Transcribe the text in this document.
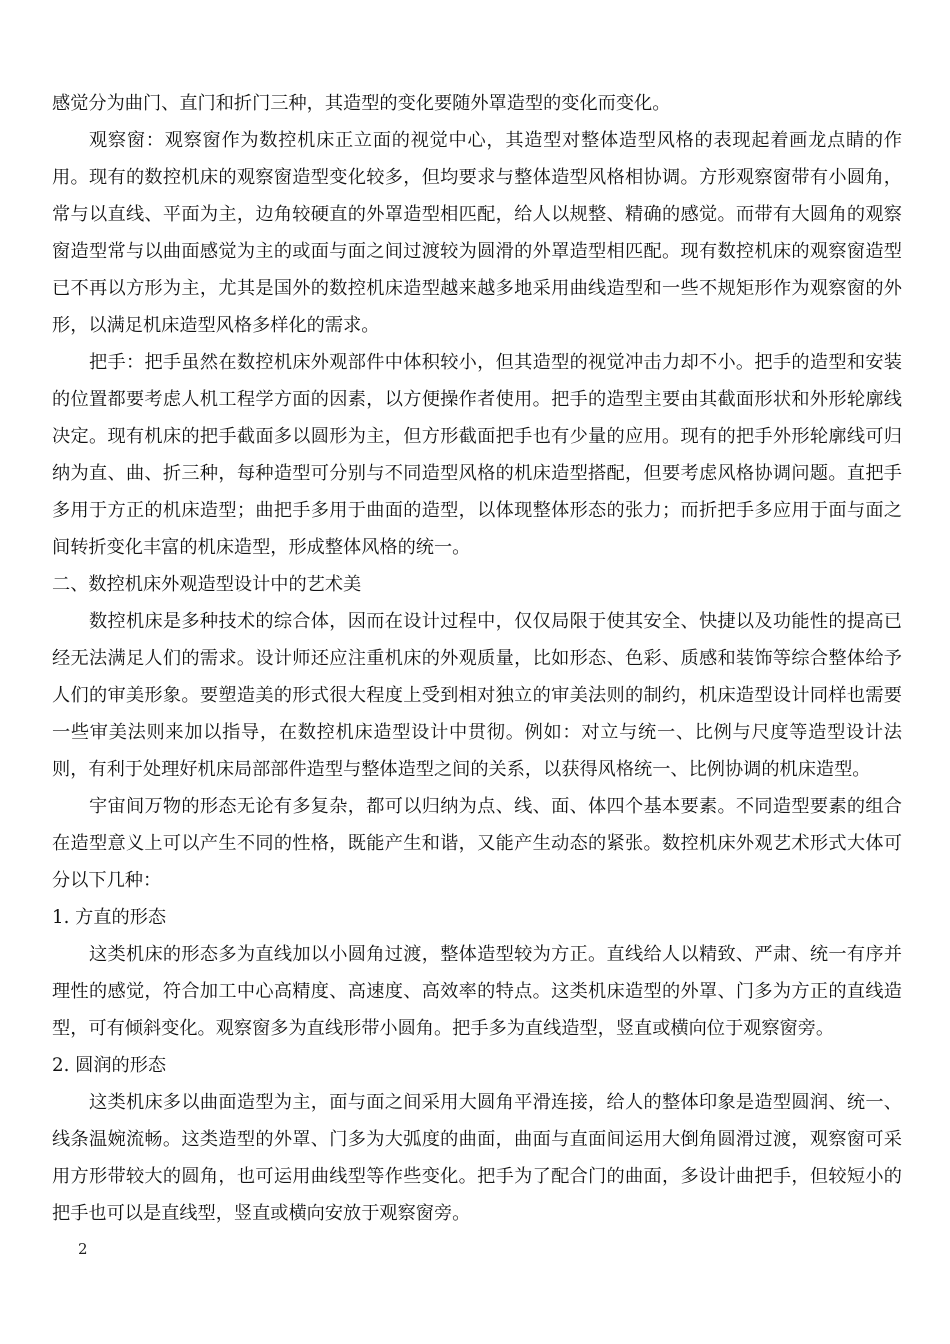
感觉分为曲门、直门和折门三种，其造型的变化要随外罩造型的变化而变化。

观察窗：观察窗作为数控机床正立面的视觉中心，其造型对整体造型风格的表现起着画龙点睛的作用。现有的数控机床的观察窗造型变化较多，但均要求与整体造型风格相协调。方形观察窗带有小圆角，常与以直线、平面为主，边角较硬直的外罩造型相匹配，给人以规整、精确的感觉。而带有大圆角的观察窗造型常与以曲面感觉为主的或面与面之间过渡较为圆滑的外罩造型相匹配。现有数控机床的观察窗造型已不再以方形为主，尤其是国外的数控机床造型越来越多地采用曲线造型和一些不规矩形作为观察窗的外形，以满足机床造型风格多样化的需求。

把手：把手虽然在数控机床外观部件中体积较小，但其造型的视觉冲击力却不小。把手的造型和安装的位置都要考虑人机工程学方面的因素，以方便操作者使用。把手的造型主要由其截面形状和外形轮廓线决定。现有机床的把手截面多以圆形为主，但方形截面把手也有少量的应用。现有的把手外形轮廓线可归纳为直、曲、折三种，每种造型可分别与不同造型风格的机床造型搭配，但要考虑风格协调问题。直把手多用于方正的机床造型；曲把手多用于曲面的造型，以体现整体形态的张力；而折把手多应用于面与面之间转折变化丰富的机床造型，形成整体风格的统一。

二、数控机床外观造型设计中的艺术美

数控机床是多种技术的综合体，因而在设计过程中，仅仅局限于使其安全、快捷以及功能性的提高已经无法满足人们的需求。设计师还应注重机床的外观质量，比如形态、色彩、质感和装饰等综合整体给予人们的审美形象。要塑造美的形式很大程度上受到相对独立的审美法则的制约，机床造型设计同样也需要一些审美法则来加以指导，在数控机床造型设计中贯彻。例如：对立与统一、比例与尺度等造型设计法则，有利于处理好机床局部部件造型与整体造型之间的关系，以获得风格统一、比例协调的机床造型。

宇宙间万物的形态无论有多复杂，都可以归纳为点、线、面、体四个基本要素。不同造型要素的组合在造型意义上可以产生不同的性格，既能产生和谐，又能产生动态的紧张。数控机床外观艺术形式大体可分以下几种：

1. 方直的形态

这类机床的形态多为直线加以小圆角过渡，整体造型较为方正。直线给人以精致、严肃、统一有序并理性的感觉，符合加工中心高精度、高速度、高效率的特点。这类机床造型的外罩、门多为方正的直线造型，可有倾斜变化。观察窗多为直线形带小圆角。把手多为直线造型，竖直或横向位于观察窗旁。

2. 圆润的形态

这类机床多以曲面造型为主，面与面之间采用大圆角平滑连接，给人的整体印象是造型圆润、统一、线条温婉流畅。这类造型的外罩、门多为大弧度的曲面，曲面与直面间运用大倒角圆滑过渡，观察窗可采用方形带较大的圆角，也可运用曲线型等作些变化。把手为了配合门的曲面，多设计曲把手，但较短小的把手也可以是直线型，竖直或横向安放于观察窗旁。

2
